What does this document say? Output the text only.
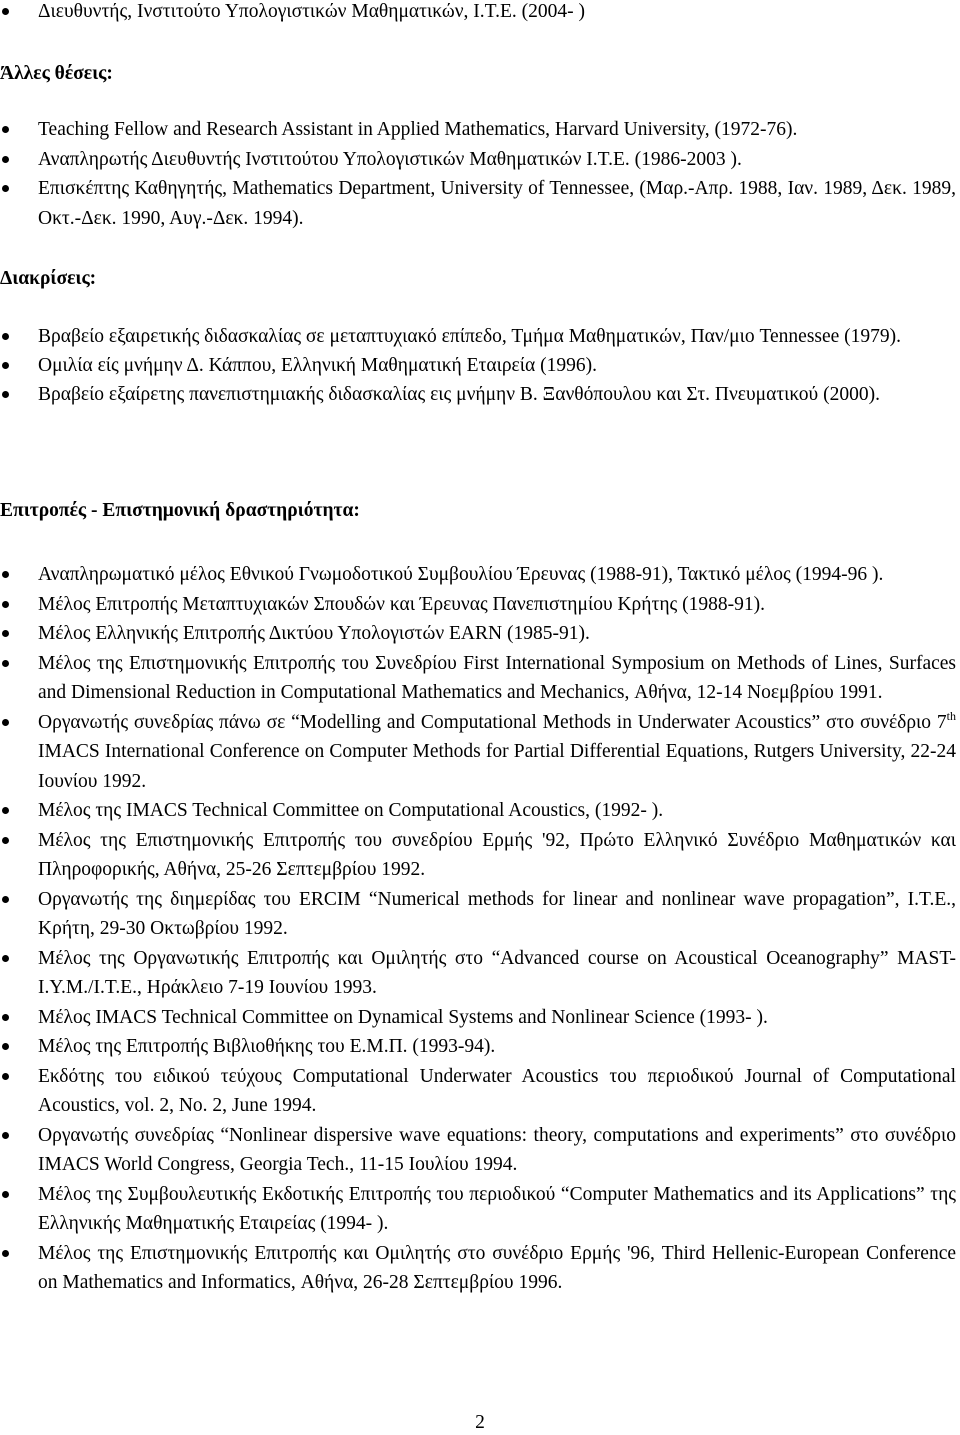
Διευθυντής, Ινστιτούτο Υπολογιστικών Μαθηματικών, Ι.Τ.Ε. (2004- )
Άλλες θέσεις:
Teaching Fellow and Research Assistant in Applied Mathematics, Harvard University, (1972-76).
Αναπληρωτής Διευθυντής Ινστιτούτου Υπολογιστικών Μαθηματικών Ι.Τ.Ε. (1986-2003 ).
Επισκέπτης Καθηγητής, Mathematics Department, University of Tennessee, (Μαρ.-Απρ. 1988, Ιαν. 1989, Δεκ. 1989, Οκτ.-Δεκ. 1990, Αυγ.-Δεκ. 1994).
Διακρίσεις:
Βραβείο εξαιρετικής διδασκαλίας σε μεταπτυχιακό επίπεδο, Τμήμα Μαθηματικών, Παν/μιο Tennessee (1979).
Ομιλία είς μνήμην Δ. Κάππου, Ελληνική Μαθηματική Εταιρεία (1996).
Βραβείο εξαίρετης πανεπιστημιακής διδασκαλίας εις μνήμην Β. Ξανθόπουλου και Στ. Πνευματικού (2000).
Επιτροπές - Επιστημονική δραστηριότητα:
Αναπληρωματικό μέλος Εθνικού Γνωμοδοτικού Συμβουλίου Έρευνας (1988-91), Τακτικό μέλος (1994-96 ).
Μέλος Επιτροπής Μεταπτυχιακών Σπουδών και Έρευνας Πανεπιστημίου Κρήτης (1988-91).
Μέλος Ελληνικής Επιτροπής Δικτύου Υπολογιστών EARN (1985-91).
Μέλος της Επιστημονικής Επιτροπής του Συνεδρίου First International Symposium on Methods of Lines, Surfaces and Dimensional Reduction in Computational Mathematics and Mechanics, Αθήνα, 12-14 Νοεμβρίου 1991.
Οργανωτής συνεδρίας πάνω σε “Modelling and Computational Methods in Underwater Acoustics” στο συνέδριο 7th IMACS International Conference on Computer Methods for Partial Differential Equations, Rutgers University, 22-24 Ιουνίου 1992.
Μέλος της IMACS Technical Committee on Computational Acoustics, (1992- ).
Μέλος της Επιστημονικής Επιτροπής του συνεδρίου Ερμής '92, Πρώτο Ελληνικό Συνέδριο Μαθηματικών και Πληροφορικής, Αθήνα, 25-26 Σεπτεμβρίου 1992.
Οργανωτής της διημερίδας του ERCIM “Numerical methods for linear and nonlinear wave propagation”, Ι.Τ.Ε., Κρήτη, 29-30 Οκτωβρίου 1992.
Μέλος της Οργανωτικής Επιτροπής και Ομιλητής στο “Advanced course on Acoustical Oceanography” MAST-Ι.Υ.Μ./Ι.Τ.Ε., Ηράκλειο 7-19 Ιουνίου 1993.
Μέλος IMACS Technical Committee on Dynamical Systems and Nonlinear Science (1993- ).
Μέλος της Επιτροπής Βιβλιοθήκης του Ε.Μ.Π. (1993-94).
Εκδότης του ειδικού τεύχους Computational Underwater Acoustics του περιοδικού Journal of Computational Acoustics, vol. 2, No. 2, June 1994.
Οργανωτής συνεδρίας “Nonlinear dispersive wave equations: theory, computations and experiments” στο συνέδριο IMACS World Congress, Georgia Tech., 11-15 Ιουλίου 1994.
Μέλος της Συμβουλευτικής Εκδοτικής Επιτροπής του περιοδικού “Computer Mathematics and its Applications” της Ελληνικής Μαθηματικής Εταιρείας (1994- ).
Μέλος της Επιστημονικής Επιτροπής και Ομιλητής στο συνέδριο Ερμής '96, Third Hellenic-European Conference on Mathematics and Informatics, Αθήνα, 26-28 Σεπτεμβρίου 1996.
2
